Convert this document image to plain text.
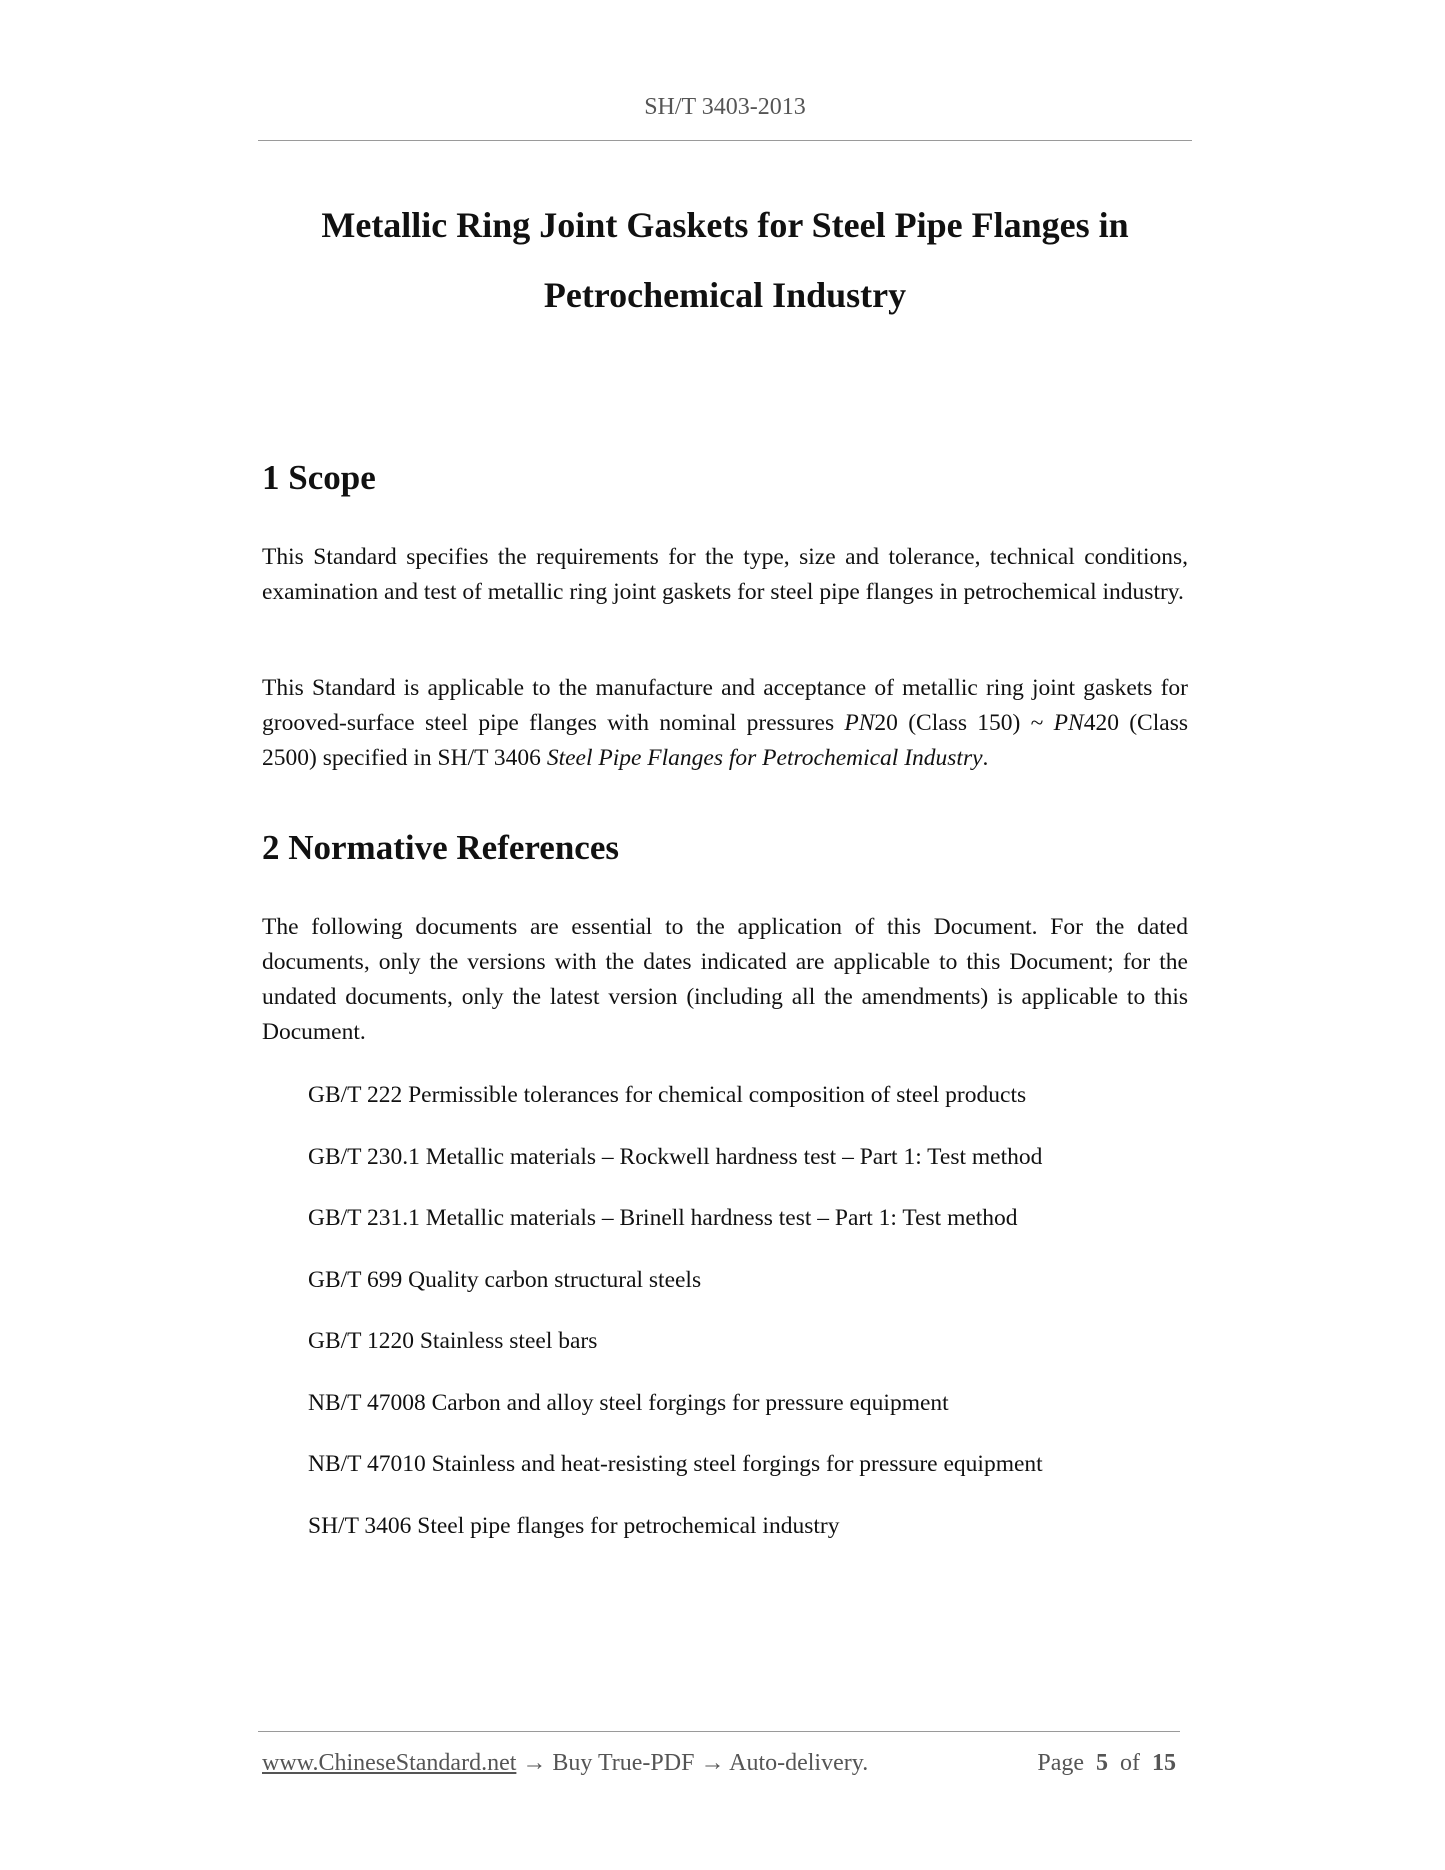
SH/T 3403-2013
Metallic Ring Joint Gaskets for Steel Pipe Flanges in
Petrochemical Industry
1 Scope

This Standard specifies the requirements for the type, size and tolerance, technical conditions, examination and test of metallic ring joint gaskets for steel pipe flanges in petrochemical industry.

This Standard is applicable to the manufacture and acceptance of metallic ring joint gaskets for grooved-surface steel pipe flanges with nominal pressures PN20 (Class 150) ~ PN420 (Class 2500) specified in SH/T 3406 Steel Pipe Flanges for Petrochemical Industry.

2 Normative References

The following documents are essential to the application of this Document. For the dated documents, only the versions with the dates indicated are applicable to this Document; for the undated documents, only the latest version (including all the amendments) is applicable to this Document.

GB/T 222 Permissible tolerances for chemical composition of steel products
GB/T 230.1 Metallic materials – Rockwell hardness test – Part 1: Test method
GB/T 231.1 Metallic materials – Brinell hardness test – Part 1: Test method
GB/T 699 Quality carbon structural steels
GB/T 1220 Stainless steel bars
NB/T 47008 Carbon and alloy steel forgings for pressure equipment
NB/T 47010 Stainless and heat-resisting steel forgings for pressure equipment
SH/T 3406 Steel pipe flanges for petrochemical industry
www.ChineseStandard.net → Buy True-PDF → Auto-delivery.	Page 5 of 15
